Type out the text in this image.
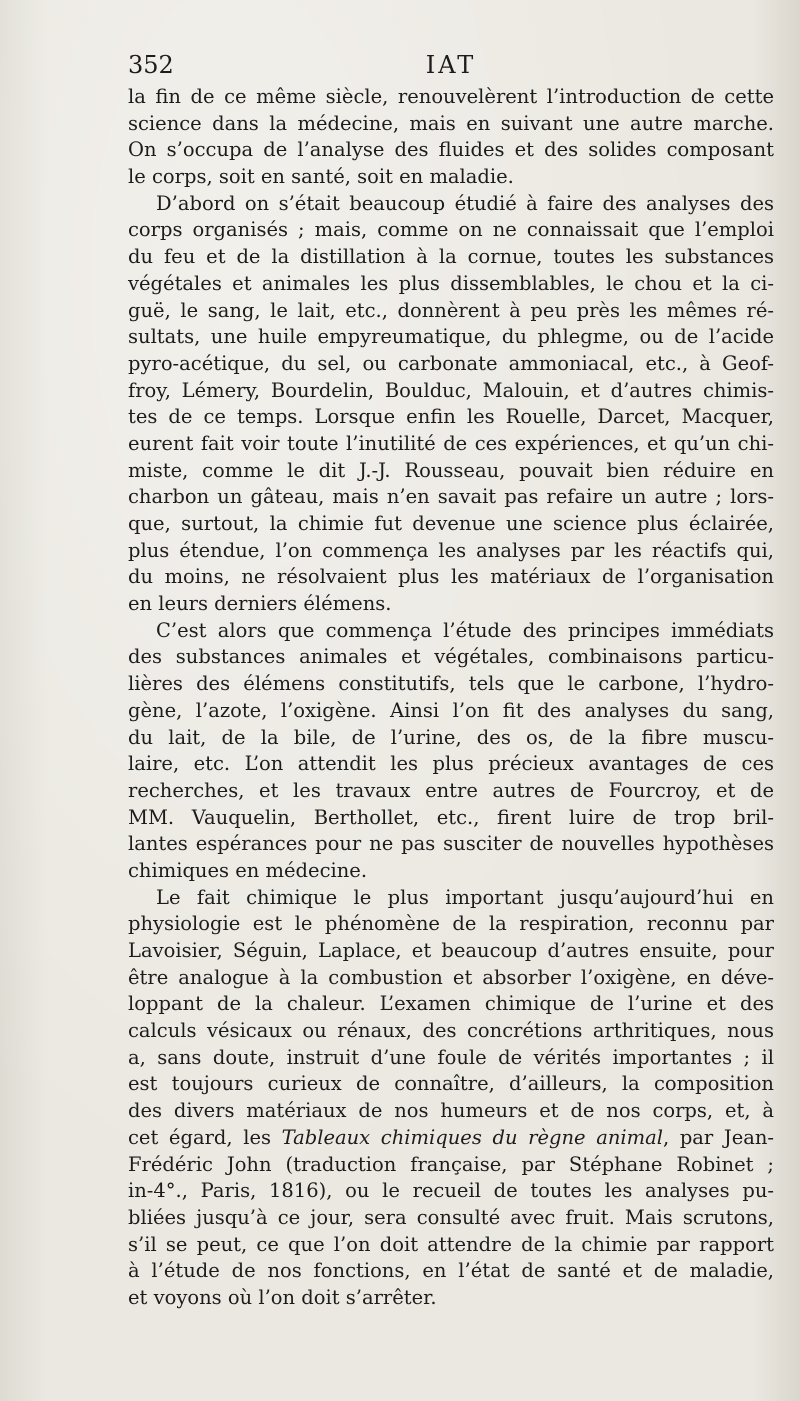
352	IAT
la fin de ce même siècle, renouvelèrent l’introduction de cette
science dans la médecine, mais en suivant une autre marche.
On s’occupa de l’analyse des fluides et des solides composant
le corps, soit en santé, soit en maladie.
D’abord on s’était beaucoup étudié à faire des analyses des
corps organisés ; mais, comme on ne connaissait que l’emploi
du feu et de la distillation à la cornue, toutes les substances
végétales et animales les plus dissemblables, le chou et la ci-
guë, le sang, le lait, etc., donnèrent à peu près les mêmes ré-
sultats, une huile empyreumatique, du phlegme, ou de l’acide
pyro-acétique, du sel, ou carbonate ammoniacal, etc., à Geof-
froy, Lémery, Bourdelin, Boulduc, Malouin, et d’autres chimis-
tes de ce temps. Lorsque enfin les Rouelle, Darcet, Macquer,
eurent fait voir toute l’inutilité de ces expériences, et qu’un chi-
miste, comme le dit J.-J. Rousseau, pouvait bien réduire en
charbon un gâteau, mais n’en savait pas refaire un autre ; lors-
que, surtout, la chimie fut devenue une science plus éclairée,
plus étendue, l’on commença les analyses par les réactifs qui,
du moins, ne résolvaient plus les matériaux de l’organisation
en leurs derniers élémens.
C’est alors que commença l’étude des principes immédiats
des substances animales et végétales, combinaisons particu-
lières des élémens constitutifs, tels que le carbone, l’hydro-
gène, l’azote, l’oxigène. Ainsi l’on fit des analyses du sang,
du lait, de la bile, de l’urine, des os, de la fibre muscu-
laire, etc. L’on attendit les plus précieux avantages de ces
recherches, et les travaux entre autres de Fourcroy, et de
MM. Vauquelin, Berthollet, etc., firent luire de trop bril-
lantes espérances pour ne pas susciter de nouvelles hypothèses
chimiques en médecine.
Le fait chimique le plus important jusqu’aujourd’hui en
physiologie est le phénomène de la respiration, reconnu par
Lavoisier, Séguin, Laplace, et beaucoup d’autres ensuite, pour
être analogue à la combustion et absorber l’oxigène, en déve-
loppant de la chaleur. L’examen chimique de l’urine et des
calculs vésicaux ou rénaux, des concrétions arthritiques, nous
a, sans doute, instruit d’une foule de vérités importantes ; il
est toujours curieux de connaître, d’ailleurs, la composition
des divers matériaux de nos humeurs et de nos corps, et, à
cet égard, les Tableaux chimiques du règne animal, par Jean-
Frédéric John (traduction française, par Stéphane Robinet ;
in-4°., Paris, 1816), ou le recueil de toutes les analyses pu-
bliées jusqu’à ce jour, sera consulté avec fruit. Mais scrutons,
s’il se peut, ce que l’on doit attendre de la chimie par rapport
à l’étude de nos fonctions, en l’état de santé et de maladie,
et voyons où l’on doit s’arrêter.
